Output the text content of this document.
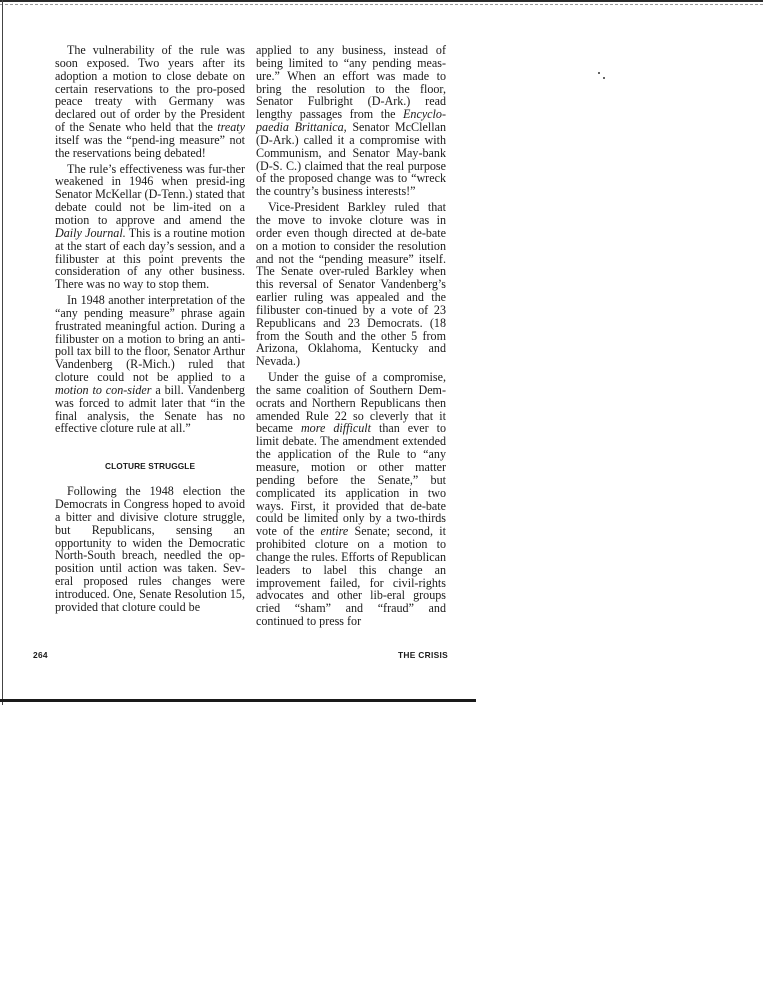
The vulnerability of the rule was soon exposed. Two years after its adoption a motion to close debate on certain reservations to the pro-posed peace treaty with Germany was declared out of order by the President of the Senate who held that the treaty itself was the “pend-ing measure” not the reservations being debated!

The rule’s effectiveness was fur-ther weakened in 1946 when presid-ing Senator McKellar (D-Tenn.) stated that debate could not be lim-ited on a motion to approve and amend the Daily Journal. This is a routine motion at the start of each day’s session, and a filibuster at this point prevents the consideration of any other business. There was no way to stop them.

In 1948 another interpretation of the “any pending measure” phrase again frustrated meaningful action. During a filibuster on a motion to bring an anti-poll tax bill to the floor, Senator Arthur Vandenberg (R-Mich.) ruled that cloture could not be applied to a motion to con-sider a bill. Vandenberg was forced to admit later that “in the final analysis, the Senate has no effective cloture rule at all.”

CLOTURE STRUGGLE

Following the 1948 election the Democrats in Congress hoped to avoid a bitter and divisive cloture struggle, but Republicans, sensing an opportunity to widen the Democratic North-South breach, needled the op-position until action was taken. Sev-eral proposed rules changes were introduced. One, Senate Resolution 15, provided that cloture could be

applied to any business, instead of being limited to “any pending meas-ure.” When an effort was made to bring the resolution to the floor, Senator Fulbright (D-Ark.) read lengthy passages from the Encyclo-paedia Brittanica, Senator McClellan (D-Ark.) called it a compromise with Communism, and Senator May-bank (D-S. C.) claimed that the real purpose of the proposed change was to “wreck the country’s business interests!”

Vice-President Barkley ruled that the move to invoke cloture was in order even though directed at de-bate on a motion to consider the resolution and not the “pending measure” itself. The Senate over-ruled Barkley when this reversal of Senator Vandenberg’s earlier ruling was appealed and the filibuster con-tinued by a vote of 23 Republicans and 23 Democrats. (18 from the South and the other 5 from Arizona, Oklahoma, Kentucky and Nevada.)

Under the guise of a compromise, the same coalition of Southern Dem-ocrats and Northern Republicans then amended Rule 22 so cleverly that it became more difficult than ever to limit debate. The amendment extended the application of the Rule to “any measure, motion or other matter pending before the Senate,” but complicated its application in two ways. First, it provided that de-bate could be limited only by a two-thirds vote of the entire Senate; second, it prohibited cloture on a motion to change the rules. Efforts of Republican leaders to label this change an improvement failed, for civil-rights advocates and other lib-eral groups cried “sham” and “fraud” and continued to press for

264	THE CRISIS
